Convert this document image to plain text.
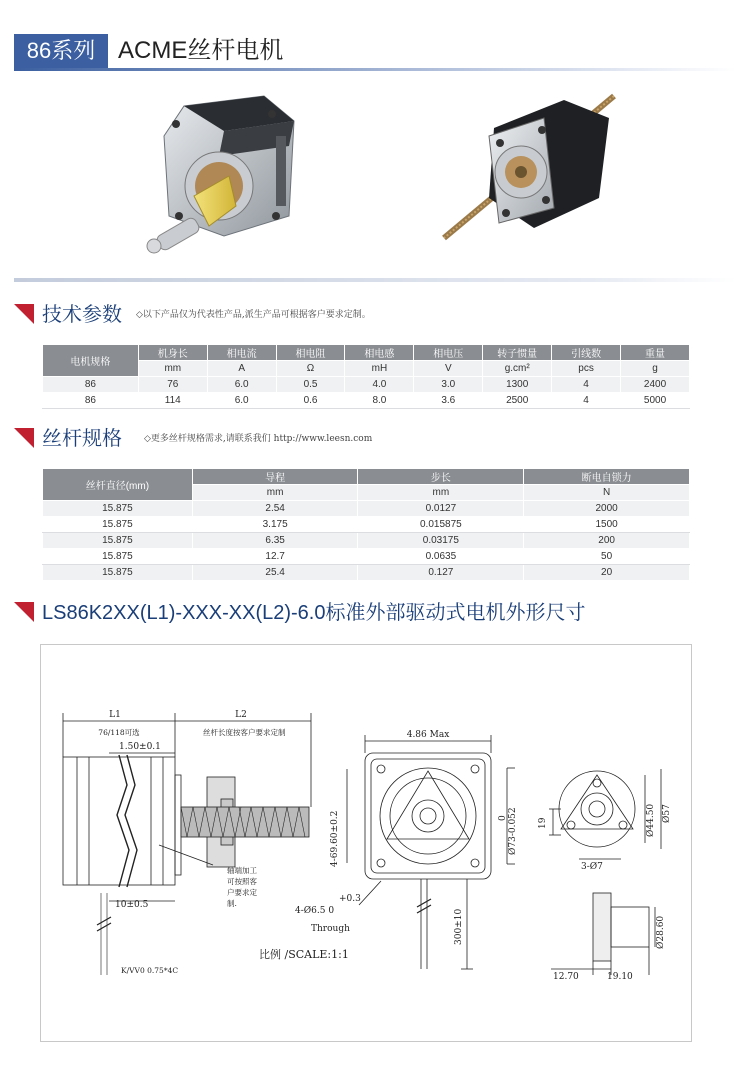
86系列 ACME丝杆电机
技术参数 ◇以下产品仅为代表性产品,派生产品可根据客户要求定制。
电机规格	机身长	相电流	相电阻	相电感	相电压	转子惯量	引线数	重量
	mm	A	Ω	mH	V	g.cm²	pcs	g
86	76	6.0	0.5	4.0	3.0	1300	4	2400
86	114	6.0	0.6	8.0	3.6	2500	4	5000
丝杆规格 ◇更多丝杆规格需求,请联系我们 http://www.leesn.com
丝杆直径(mm)	导程	步长	断电自锁力
	mm	mm	N
15.875	2.54	0.0127	2000
15.875	3.175	0.015875	1500
15.875	6.35	0.03175	200
15.875	12.7	0.0635	50
15.875	25.4	0.127	20
LS86K2XX(L1)-XXX-XX(L2)-6.0标准外部驱动式电机外形尺寸
L1	L2
76/118可选	丝杆长度按客户要求定制
1.50±0.1
10±0.5
K/VV0 0.75*4C
轴端加工
可按照客
户要求定
制.
4.86 Max
4-69.60±0.2	Ø73-0.052
0
+0.3
4-Ø6.5 0
Through	300±10
比例 /SCALE:1:1
19	Ø44.50 Ø57
3-Ø7
Ø28.60
12.70	19.10
